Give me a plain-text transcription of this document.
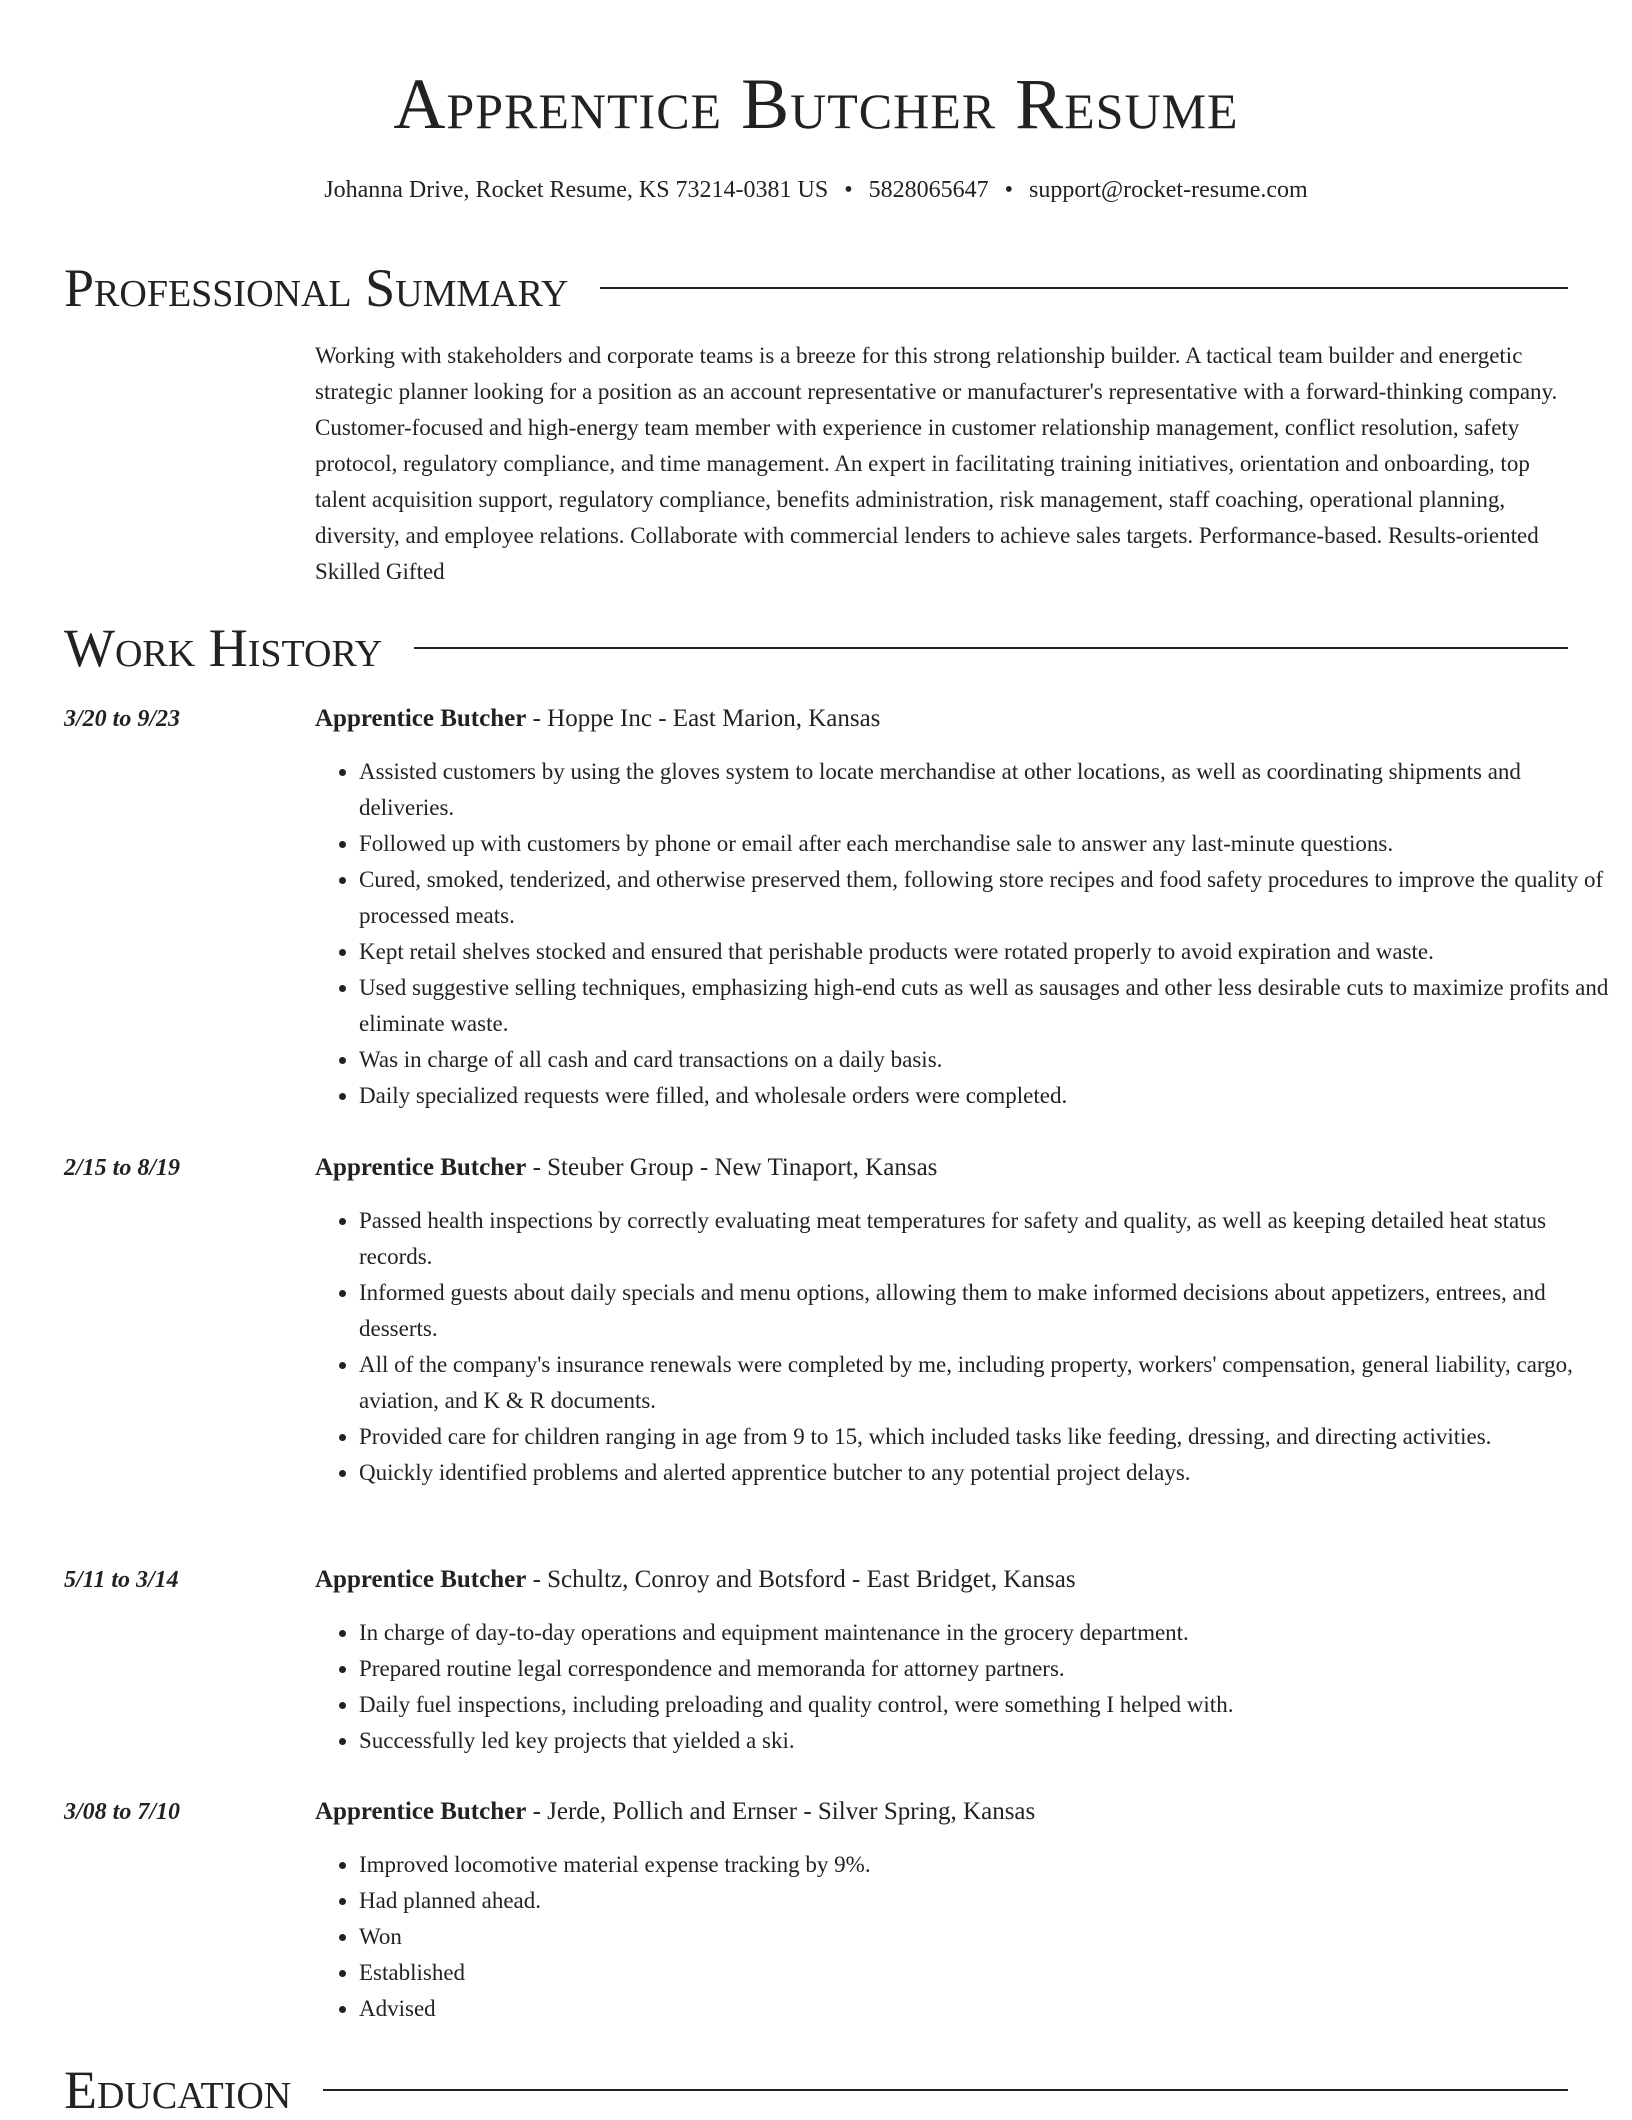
Apprentice Butcher Resume
Johanna Drive, Rocket Resume, KS 73214-0381 US • 5828065647 • support@rocket-resume.com
Professional Summary
Working with stakeholders and corporate teams is a breeze for this strong relationship builder. A tactical team builder and energetic strategic planner looking for a position as an account representative or manufacturer's representative with a forward-thinking company. Customer-focused and high-energy team member with experience in customer relationship management, conflict resolution, safety protocol, regulatory compliance, and time management. An expert in facilitating training initiatives, orientation and onboarding, top talent acquisition support, regulatory compliance, benefits administration, risk management, staff coaching, operational planning, diversity, and employee relations. Collaborate with commercial lenders to achieve sales targets. Performance-based. Results-oriented Skilled Gifted
Work History
3/20 to 9/23	Apprentice Butcher - Hoppe Inc - East Marion, Kansas
• Assisted customers by using the gloves system to locate merchandise at other locations, as well as coordinating shipments and deliveries.
• Followed up with customers by phone or email after each merchandise sale to answer any last-minute questions.
• Cured, smoked, tenderized, and otherwise preserved them, following store recipes and food safety procedures to improve the quality of processed meats.
• Kept retail shelves stocked and ensured that perishable products were rotated properly to avoid expiration and waste.
• Used suggestive selling techniques, emphasizing high-end cuts as well as sausages and other less desirable cuts to maximize profits and eliminate waste.
• Was in charge of all cash and card transactions on a daily basis.
• Daily specialized requests were filled, and wholesale orders were completed.
2/15 to 8/19	Apprentice Butcher - Steuber Group - New Tinaport, Kansas
• Passed health inspections by correctly evaluating meat temperatures for safety and quality, as well as keeping detailed heat status records.
• Informed guests about daily specials and menu options, allowing them to make informed decisions about appetizers, entrees, and desserts.
• All of the company's insurance renewals were completed by me, including property, workers' compensation, general liability, cargo, aviation, and K & R documents.
• Provided care for children ranging in age from 9 to 15, which included tasks like feeding, dressing, and directing activities.
• Quickly identified problems and alerted apprentice butcher to any potential project delays.
5/11 to 3/14	Apprentice Butcher - Schultz, Conroy and Botsford - East Bridget, Kansas
• In charge of day-to-day operations and equipment maintenance in the grocery department.
• Prepared routine legal correspondence and memoranda for attorney partners.
• Daily fuel inspections, including preloading and quality control, were something I helped with.
• Successfully led key projects that yielded a ski.
3/08 to 7/10	Apprentice Butcher - Jerde, Pollich and Ernser - Silver Spring, Kansas
• Improved locomotive material expense tracking by 9%.
• Had planned ahead.
• Won
• Established
• Advised
Education
